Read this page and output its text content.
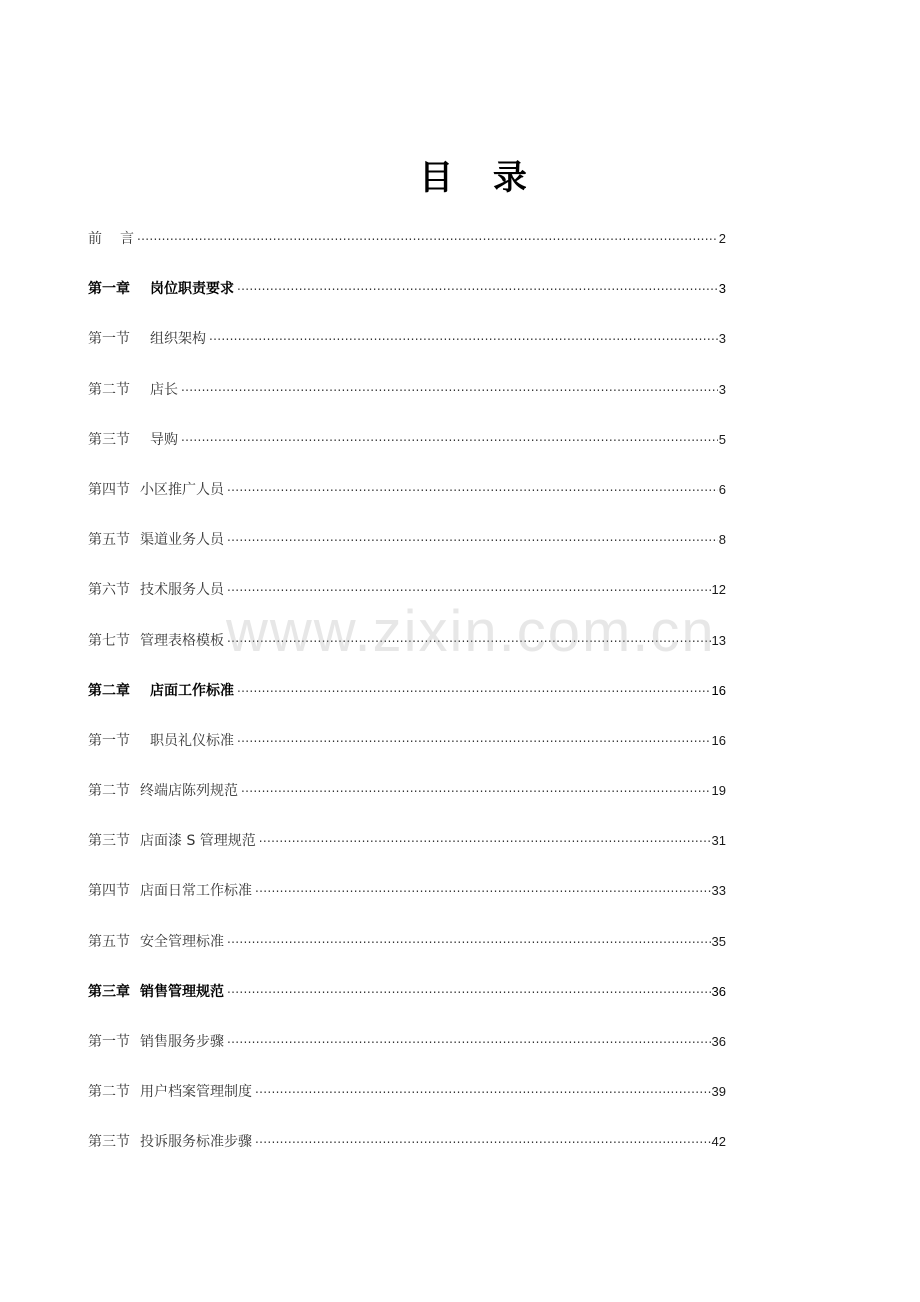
目 录
前 言 .....	2
第一章 岗位职责要求 .....	3
第一节 组织架构 .....	3
第二节 店长 .....	3
第三节 导购 .....	5
第四节 小区推广人员 .....	6
第五节 渠道业务人员 .....	8
第六节 技术服务人员 .....	12
第七节 管理表格模板 .....	13
第二章 店面工作标准 .....	16
第一节 职员礼仪标准 .....	16
第二节 终端店陈列规范 .....	19
第三节 店面漆 S 管理规范 .....	31
第四节 店面日常工作标准 .....	33
第五节 安全管理标准 .....	35
第三章 销售管理规范 .....	36
第一节 销售服务步骤 .....	36
第二节 用户档案管理制度 .....	39
第三节 投诉服务标准步骤 .....	42
www.zixin.com.cn
